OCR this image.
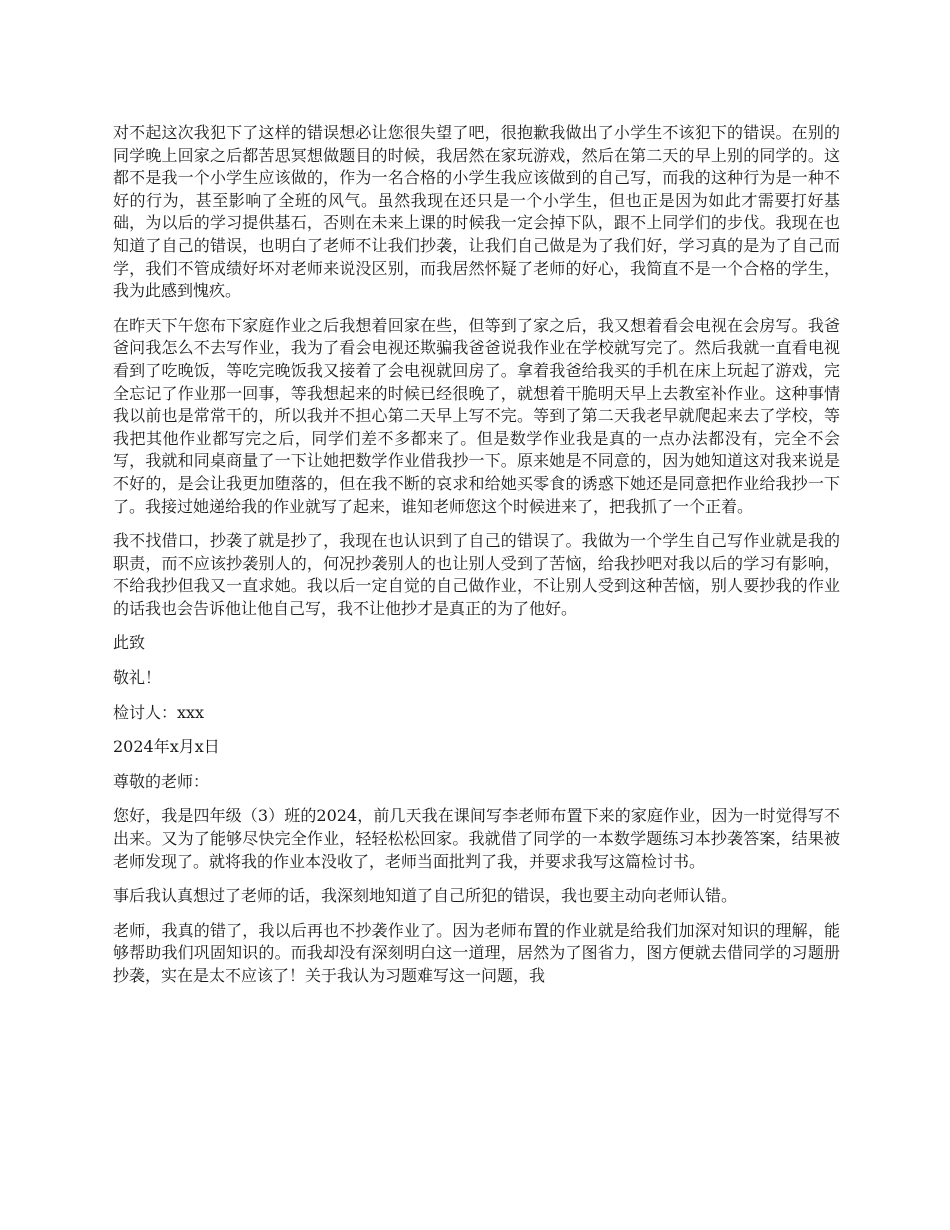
对不起这次我犯下了这样的错误想必让您很失望了吧，很抱歉我做出了小学生不该犯下的错误。在别的同学晚上回家之后都苦思冥想做题目的时候，我居然在家玩游戏，然后在第二天的早上别的同学的。这都不是我一个小学生应该做的，作为一名合格的小学生我应该做到的自己写，而我的这种行为是一种不好的行为，甚至影响了全班的风气。虽然我现在还只是一个小学生，但也正是因为如此才需要打好基础，为以后的学习提供基石，否则在未来上课的时候我一定会掉下队，跟不上同学们的步伐。我现在也知道了自己的错误，也明白了老师不让我们抄袭，让我们自己做是为了我们好，学习真的是为了自己而学，我们不管成绩好坏对老师来说没区别，而我居然怀疑了老师的好心，我简直不是一个合格的学生，我为此感到愧疚。

在昨天下午您布下家庭作业之后我想着回家在些，但等到了家之后，我又想着看会电视在会房写。我爸爸问我怎么不去写作业，我为了看会电视还欺骗我爸爸说我作业在学校就写完了。然后我就一直看电视看到了吃晚饭，等吃完晚饭我又接着了会电视就回房了。拿着我爸给我买的手机在床上玩起了游戏，完全忘记了作业那一回事，等我想起来的时候已经很晚了，就想着干脆明天早上去教室补作业。这种事情我以前也是常常干的，所以我并不担心第二天早上写不完。等到了第二天我老早就爬起来去了学校，等我把其他作业都写完之后，同学们差不多都来了。但是数学作业我是真的一点办法都没有，完全不会写，我就和同桌商量了一下让她把数学作业借我抄一下。原来她是不同意的，因为她知道这对我来说是不好的，是会让我更加堕落的，但在我不断的哀求和给她买零食的诱惑下她还是同意把作业给我抄一下了。我接过她递给我的作业就写了起来，谁知老师您这个时候进来了，把我抓了一个正着。

我不找借口，抄袭了就是抄了，我现在也认识到了自己的错误了。我做为一个学生自己写作业就是我的职责，而不应该抄袭别人的，何况抄袭别人的也让别人受到了苦恼，给我抄吧对我以后的学习有影响，不给我抄但我又一直求她。我以后一定自觉的自己做作业，不让别人受到这种苦恼，别人要抄我的作业的话我也会告诉他让他自己写，我不让他抄才是真正的为了他好。

此致

敬礼！

检讨人：xxx

2024年x月x日

尊敬的老师：

您好，我是四年级（3）班的2024，前几天我在课间写李老师布置下来的家庭作业，因为一时觉得写不出来。又为了能够尽快完全作业，轻轻松松回家。我就借了同学的一本数学题练习本抄袭答案，结果被老师发现了。就将我的作业本没收了，老师当面批判了我，并要求我写这篇检讨书。

事后我认真想过了老师的话，我深刻地知道了自己所犯的错误，我也要主动向老师认错。

老师，我真的错了，我以后再也不抄袭作业了。因为老师布置的作业就是给我们加深对知识的理解，能够帮助我们巩固知识的。而我却没有深刻明白这一道理，居然为了图省力，图方便就去借同学的习题册抄袭，实在是太不应该了！关于我认为习题难写这一问题，我
